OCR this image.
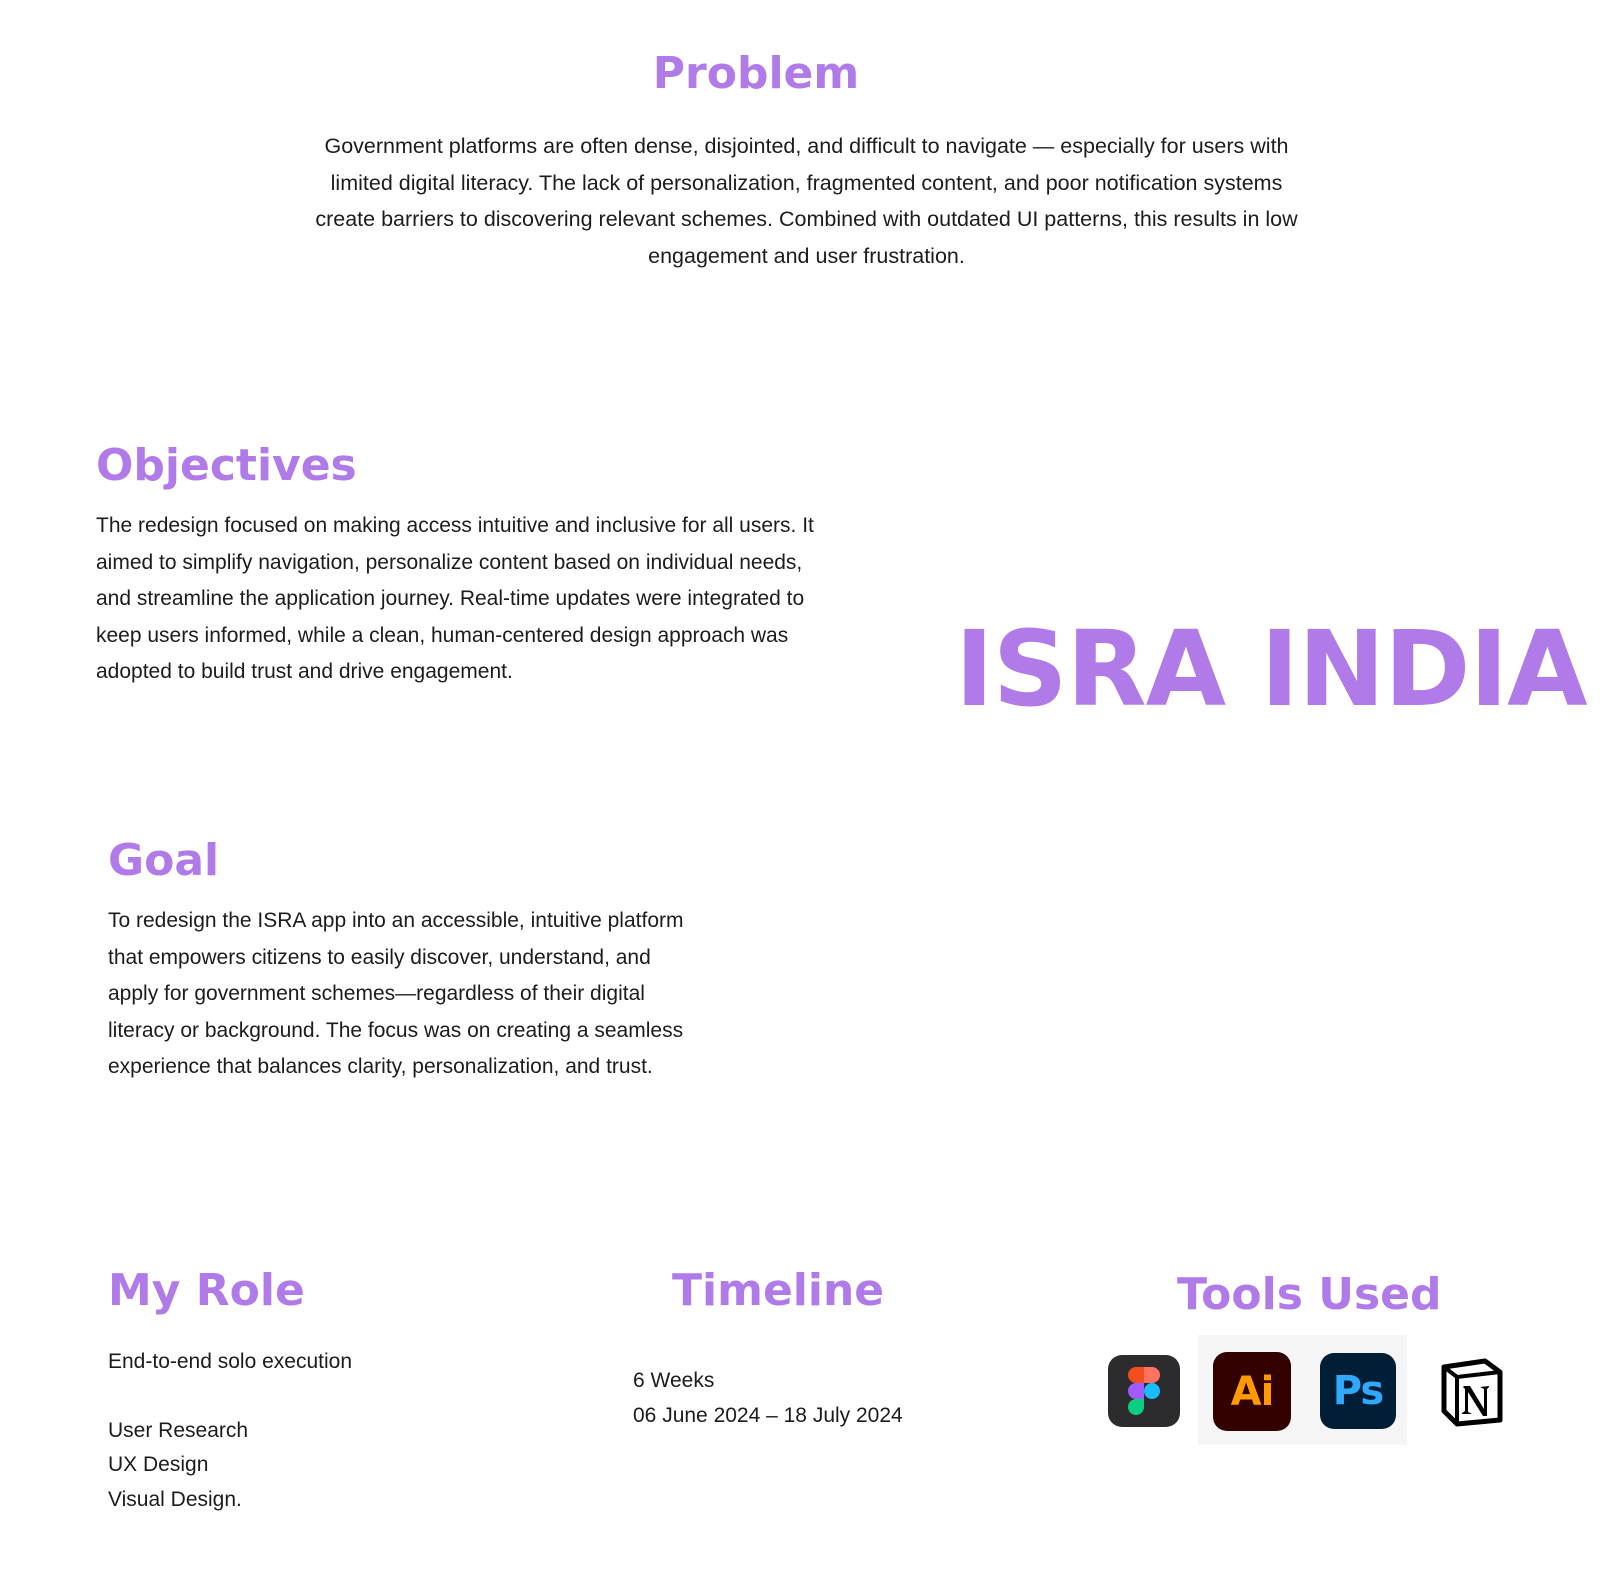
Problem
Government platforms are often dense, disjointed, and difficult to navigate — especially for users with
limited digital literacy. The lack of personalization, fragmented content, and poor notification systems
create barriers to discovering relevant schemes. Combined with outdated UI patterns, this results in low
engagement and user frustration.
Objectives
The redesign focused on making access intuitive and inclusive for all users. It
aimed to simplify navigation, personalize content based on individual needs,
and streamline the application journey. Real-time updates were integrated to
keep users informed, while a clean, human-centered design approach was
adopted to build trust and drive engagement.	ISRA INDIA
Goal
To redesign the ISRA app into an accessible, intuitive platform
that empowers citizens to easily discover, understand, and
apply for government schemes—regardless of their digital
literacy or background. The focus was on creating a seamless
experience that balances clarity, personalization, and trust.
My Role
End-to-end solo execution
User Research
UX Design
Visual Design.
Timeline
6 Weeks
06 June 2024 – 18 July 2024
Tools Used
Ai	Ps
